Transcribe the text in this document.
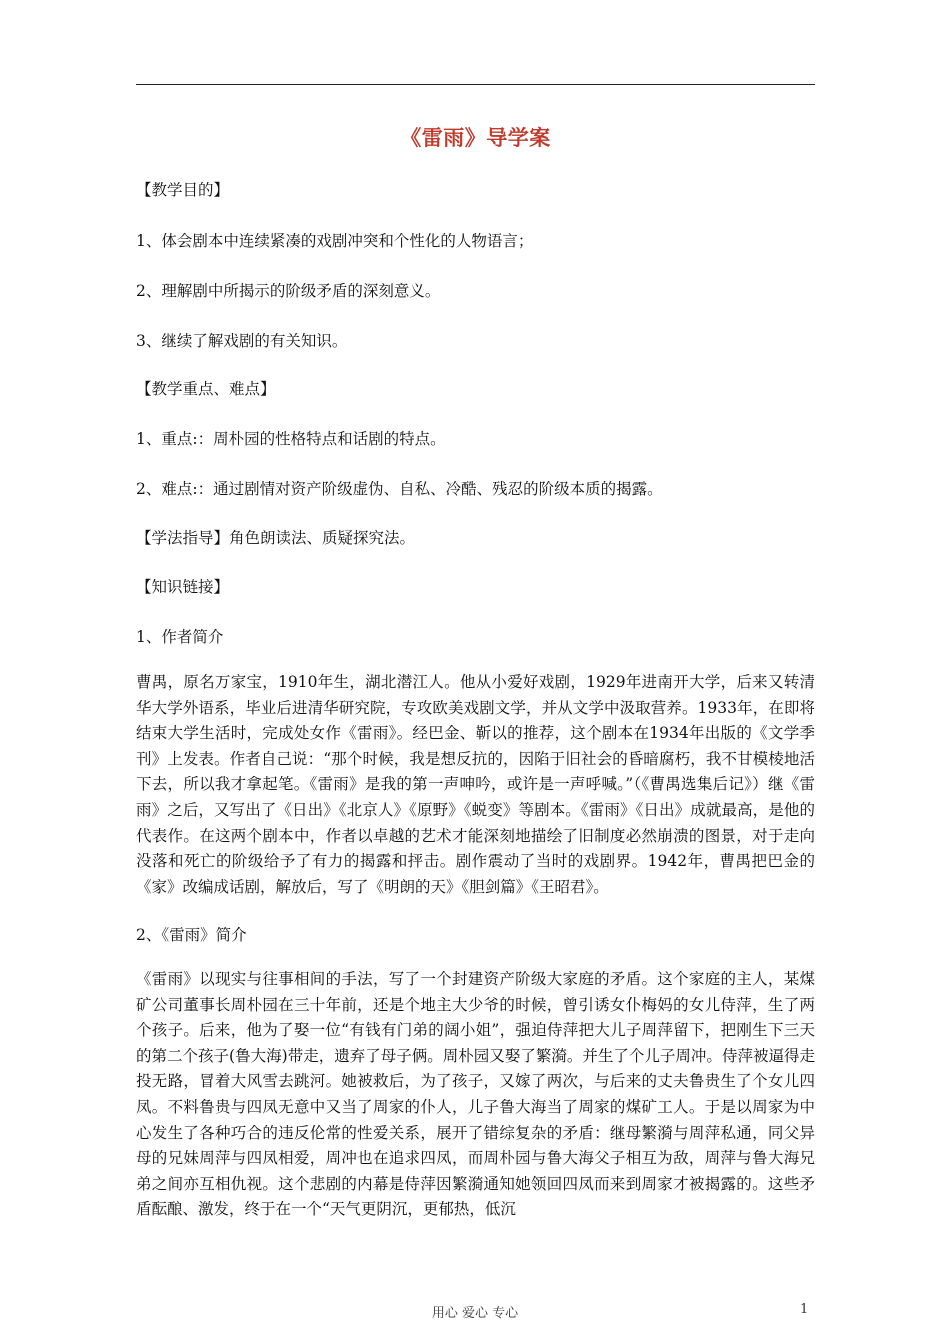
《雷雨》导学案
【教学目的】
1、体会剧本中连续紧凑的戏剧冲突和个性化的人物语言；
2、理解剧中所揭示的阶级矛盾的深刻意义。
3、继续了解戏剧的有关知识。
【教学重点、难点】
1、重点:：周朴园的性格特点和话剧的特点。
2、难点:：通过剧情对资产阶级虚伪、自私、冷酷、残忍的阶级本质的揭露。
【学法指导】角色朗读法、质疑探究法。
【知识链接】
1、作者简介
曹禺，原名万家宝，1910年生，湖北潜江人。他从小爱好戏剧，1929年进南开大学，后来又转清华大学外语系，毕业后进清华研究院，专攻欧美戏剧文学，并从文学中汲取营养。1933年，在即将结束大学生活时，完成处女作《雷雨》。经巴金、靳以的推荐，这个剧本在1934年出版的《文学季刊》上发表。作者自己说：“那个时候，我是想反抗的，因陷于旧社会的昏暗腐朽，我不甘模棱地活下去，所以我才拿起笔。《雷雨》是我的第一声呻吟，或许是一声呼喊。”（《曹禺选集后记》）继《雷雨》之后，又写出了《日出》《北京人》《原野》《蜕变》等剧本。《雷雨》《日出》成就最高，是他的代表作。在这两个剧本中，作者以卓越的艺术才能深刻地描绘了旧制度必然崩溃的图景，对于走向没落和死亡的阶级给予了有力的揭露和抨击。剧作震动了当时的戏剧界。1942年，曹禺把巴金的《家》改编成话剧，解放后，写了《明朗的天》《胆剑篇》《王昭君》。
2、《雷雨》简介
《雷雨》以现实与往事相间的手法，写了一个封建资产阶级大家庭的矛盾。这个家庭的主人，某煤矿公司董事长周朴园在三十年前，还是个地主大少爷的时候，曾引诱女仆梅妈的女儿侍萍，生了两个孩子。后来，他为了娶一位“有钱有门弟的阔小姐”，强迫侍萍把大儿子周萍留下，把刚生下三天的第二个孩子(鲁大海)带走，遗弃了母子俩。周朴园又娶了繁漪。并生了个儿子周冲。侍萍被逼得走投无路，冒着大风雪去跳河。她被救后，为了孩子，又嫁了两次，与后来的丈夫鲁贵生了个女儿四凤。不料鲁贵与四凤无意中又当了周家的仆人，儿子鲁大海当了周家的煤矿工人。于是以周家为中心发生了各种巧合的违反伦常的性爱关系，展开了错综复杂的矛盾：继母繁漪与周萍私通，同父异母的兄妹周萍与四凤相爱，周冲也在追求四凤，而周朴园与鲁大海父子相互为敌，周萍与鲁大海兄弟之间亦互相仇视。这个悲剧的内幕是侍萍因繁漪通知她领回四凤而来到周家才被揭露的。这些矛盾酝酿、激发，终于在一个“天气更阴沉，更郁热，低沉
用心 爱心 专心	1
